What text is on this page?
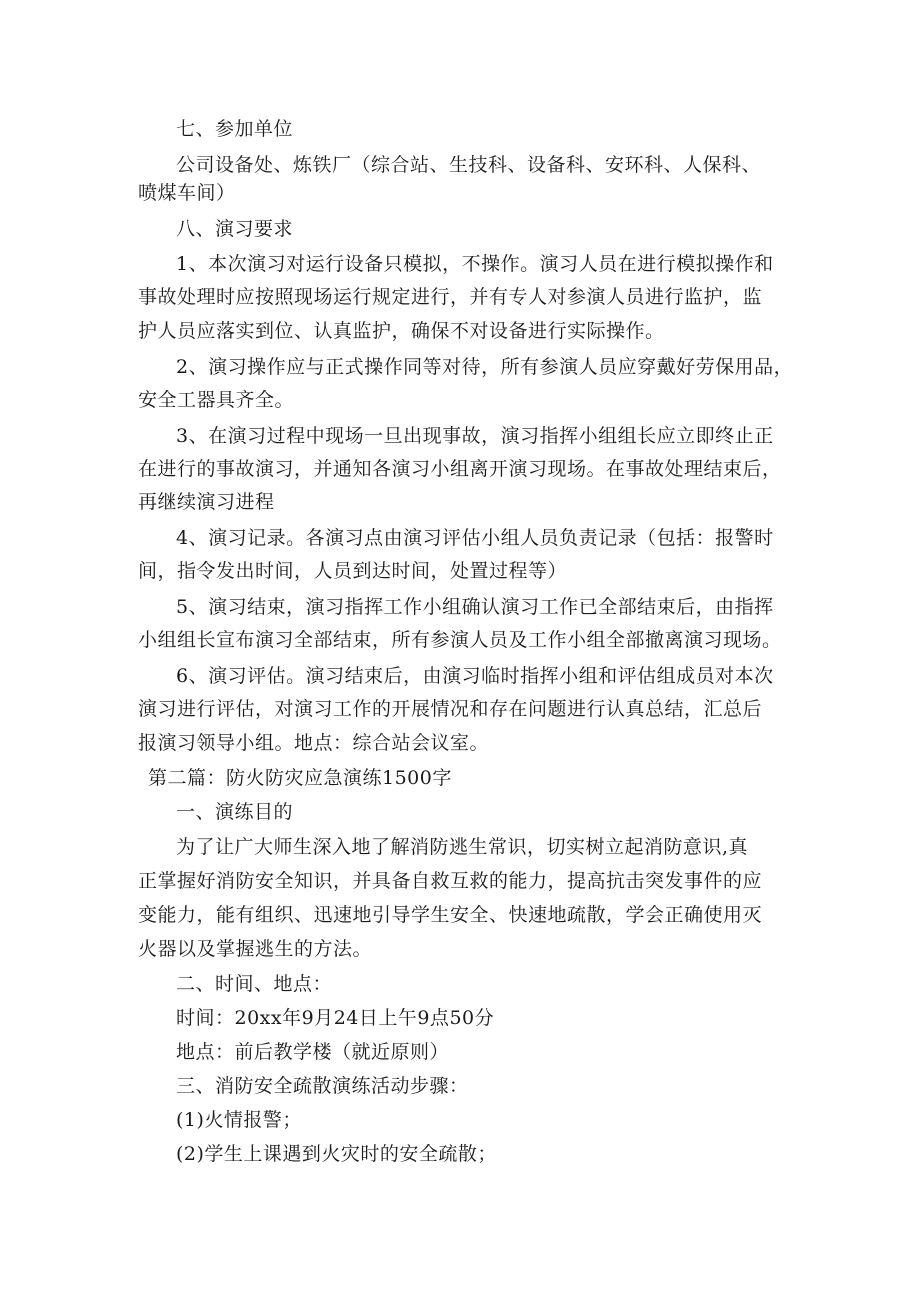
七、参加单位
公司设备处、炼铁厂（综合站、生技科、设备科、安环科、人保科、
喷煤车间）
八、演习要求
1、本次演习对运行设备只模拟，不操作。演习人员在进行模拟操作和
事故处理时应按照现场运行规定进行，并有专人对参演人员进行监护，监
护人员应落实到位、认真监护，确保不对设备进行实际操作。
2、演习操作应与正式操作同等对待，所有参演人员应穿戴好劳保用品，
安全工器具齐全。
3、在演习过程中现场一旦出现事故，演习指挥小组组长应立即终止正
在进行的事故演习，并通知各演习小组离开演习现场。在事故处理结束后，
再继续演习进程
4、演习记录。各演习点由演习评估小组人员负责记录（包括：报警时
间，指令发出时间，人员到达时间，处置过程等）
5、演习结束，演习指挥工作小组确认演习工作已全部结束后，由指挥
小组组长宣布演习全部结束，所有参演人员及工作小组全部撤离演习现场。
6、演习评估。演习结束后，由演习临时指挥小组和评估组成员对本次
演习进行评估，对演习工作的开展情况和存在问题进行认真总结，汇总后
报演习领导小组。地点：综合站会议室。
第二篇：防火防灾应急演练1500字
一、演练目的
为了让广大师生深入地了解消防逃生常识，切实树立起消防意识,真
正掌握好消防安全知识，并具备自救互救的能力，提高抗击突发事件的应
变能力，能有组织、迅速地引导学生安全、快速地疏散，学会正确使用灭
火器以及掌握逃生的方法。
二、时间、地点：
时间：20xx年9月24日上午9点50分
地点：前后教学楼（就近原则）
三、消防安全疏散演练活动步骤：
(1)火情报警；
(2)学生上课遇到火灾时的安全疏散；
